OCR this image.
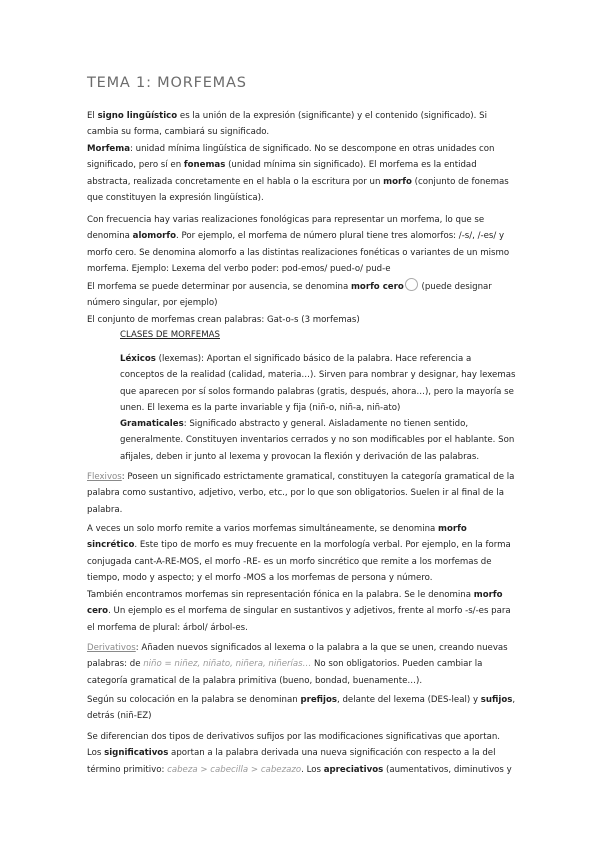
TEMA 1: MORFEMAS

El signo lingüístico es la unión de la expresión (significante) y el contenido (significado). Si cambia su forma, cambiará su significado.

Morfema: unidad mínima lingüística de significado. No se descompone en otras unidades con significado, pero sí en fonemas (unidad mínima sin significado). El morfema es la entidad abstracta, realizada concretamente en el habla o la escritura por un morfo (conjunto de fonemas que constituyen la expresión lingüística).

Con frecuencia hay varias realizaciones fonológicas para representar un morfema, lo que se denomina alomorfo. Por ejemplo, el morfema de número plural tiene tres alomorfos: /-s/, /-es/ y morfo cero. Se denomina alomorfo a las distintas realizaciones fonéticas o variantes de un mismo morfema. Ejemplo: Lexema del verbo poder: pod-emos/ pued-o/ pud-e

El morfema se puede determinar por ausencia, se denomina morfo cero (puede designar número singular, por ejemplo)
El conjunto de morfemas crean palabras: Gat-o-s (3 morfemas)

CLASES DE MORFEMAS

Léxicos (lexemas): Aportan el significado básico de la palabra. Hace referencia a conceptos de la realidad (calidad, materia…). Sirven para nombrar y designar, hay lexemas que aparecen por sí solos formando palabras (gratis, después, ahora…), pero la mayoría se unen. El lexema es la parte invariable y fija (niñ-o, niñ-a, niñ-ato)

Gramaticales: Significado abstracto y general. Aisladamente no tienen sentido, generalmente. Constituyen inventarios cerrados y no son modificables por el hablante. Son afijales, deben ir junto al lexema y provocan la flexión y derivación de las palabras.

Flexivos: Poseen un significado estrictamente gramatical, constituyen la categoría gramatical de la palabra como sustantivo, adjetivo, verbo, etc., por lo que son obligatorios. Suelen ir al final de la palabra.

A veces un solo morfo remite a varios morfemas simultáneamente, se denomina morfo sincrético. Este tipo de morfo es muy frecuente en la morfología verbal. Por ejemplo, en la forma conjugada cant-A-RE-MOS, el morfo -RE- es un morfo sincrético que remite a los morfemas de tiempo, modo y aspecto; y el morfo -MOS a los morfemas de persona y número.

También encontramos morfemas sin representación fónica en la palabra. Se le denomina morfo cero. Un ejemplo es el morfema de singular en sustantivos y adjetivos, frente al morfo -s/-es para el morfema de plural: árbol/ árbol-es.

Derivativos: Añaden nuevos significados al lexema o la palabra a la que se unen, creando nuevas palabras: de niño = niñez, niñato, niñera, niñerías… No son obligatorios. Pueden cambiar la categoría gramatical de la palabra primitiva (bueno, bondad, buenamente…).

Según su colocación en la palabra se denominan prefijos, delante del lexema (DES-leal) y sufijos, detrás (niñ-EZ)

Se diferencian dos tipos de derivativos sufijos por las modificaciones significativas que aportan. Los significativos aportan a la palabra derivada una nueva significación con respecto a la del término primitivo: cabeza > cabecilla > cabezazo. Los apreciativos (aumentativos, diminutivos y
